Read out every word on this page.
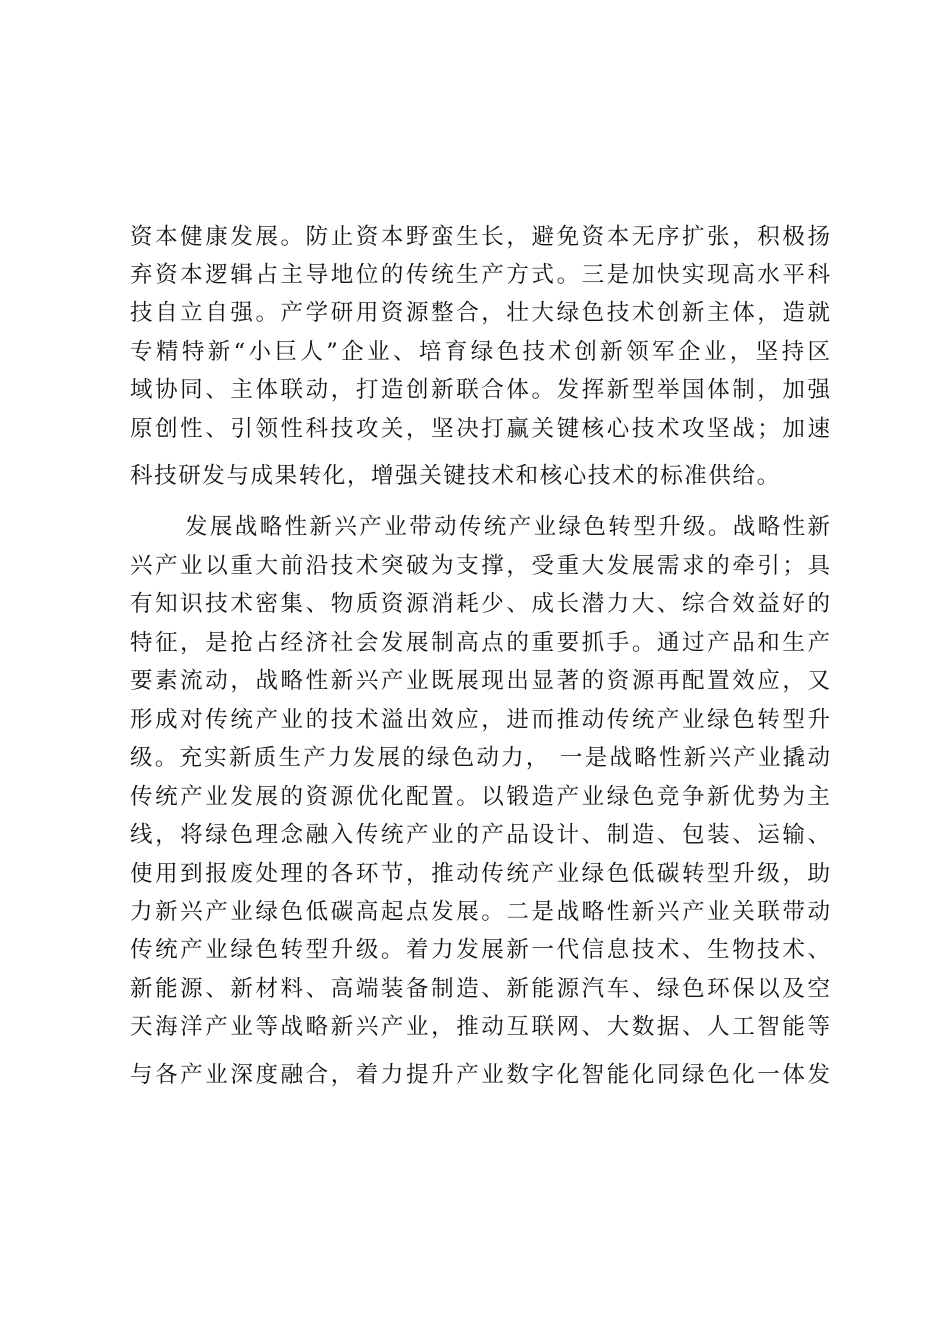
资本健康发展。防止资本野蛮生长，避免资本无序扩张，积极扬
弃资本逻辑占主导地位的传统生产方式。三是加快实现高水平科
技自立自强。产学研用资源整合，壮大绿色技术创新主体，造就
专精特新“小巨人”企业、培育绿色技术创新领军企业，坚持区
域协同、主体联动，打造创新联合体。发挥新型举国体制，加强
原创性、引领性科技攻关，坚决打赢关键核心技术攻坚战；加速
科技研发与成果转化，增强关键技术和核心技术的标准供给。
发展战略性新兴产业带动传统产业绿色转型升级。战略性新
兴产业以重大前沿技术突破为支撑，受重大发展需求的牵引；具
有知识技术密集、物质资源消耗少、成长潜力大、综合效益好的
特征，是抢占经济社会发展制高点的重要抓手。通过产品和生产
要素流动，战略性新兴产业既展现出显著的资源再配置效应，又
形成对传统产业的技术溢出效应，进而推动传统产业绿色转型升
级。充实新质生产力发展的绿色动力， 一是战略性新兴产业撬动
传统产业发展的资源优化配置。以锻造产业绿色竞争新优势为主
线，将绿色理念融入传统产业的产品设计、制造、包装、运输、
使用到报废处理的各环节，推动传统产业绿色低碳转型升级，助
力新兴产业绿色低碳高起点发展。二是战略性新兴产业关联带动
传统产业绿色转型升级。着力发展新一代信息技术、生物技术、
新能源、新材料、高端装备制造、新能源汽车、绿色环保以及空
天海洋产业等战略新兴产业，推动互联网、大数据、人工智能等
与各产业深度融合，着力提升产业数字化智能化同绿色化一体发
